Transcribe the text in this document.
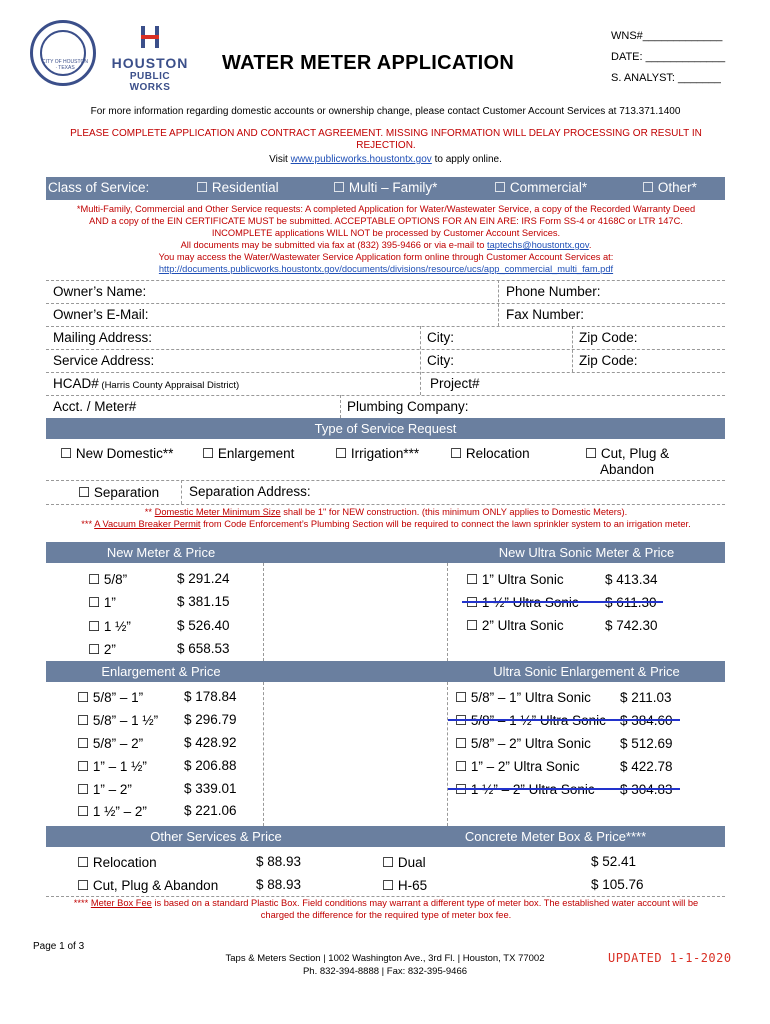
CITY OF HOUSTON · TEXAS	HOUSTON
PUBLIC WORKS
WATER METER APPLICATION
WNS#_____________
DATE: _____________
S. ANALYST: _______
For more information regarding domestic accounts or ownership change, please contact Customer Account Services at 713.371.1400
PLEASE COMPLETE APPLICATION AND CONTRACT AGREEMENT. MISSING INFORMATION WILL DELAY PROCESSING OR RESULT IN REJECTION.
Visit www.publicworks.houstontx.gov to apply online.
Class of Service:	☐ Residential	☐ Multi – Family*	☐ Commercial*	☐ Other*
*Multi-Family, Commercial and Other Service requests: A completed Application for Water/Wastewater Service, a copy of the Recorded Warranty Deed AND a copy of the EIN CERTIFICATE MUST be submitted. ACCEPTABLE OPTIONS FOR AN EIN ARE: IRS Form SS-4 or 4168C or LTR 147C. INCOMPLETE applications WILL NOT be processed by Customer Account Services.
All documents may be submitted via fax at (832) 395-9466 or via e-mail to taptechs@houstontx.gov.
You may access the Water/Wastewater Service Application form online through Customer Account Services at:
http://documents.publicworks.houstontx.gov/documents/divisions/resource/ucs/app_commercial_multi_fam.pdf
Owner’s Name:	Phone Number:
Owner’s E-Mail:	Fax Number:
Mailing Address:	City:	Zip Code:
Service Address:	City:	Zip Code:
HCAD# (Harris County Appraisal District)	Project#
Acct. / Meter#	Plumbing Company:
Type of Service Request
☐ New Domestic** ☐ Enlargement	☐ Irrigation*** ☐ Relocation	☐ Cut, Plug &
Abandon
☐ Separation Separation Address:
** Domestic Meter Minimum Size shall be 1" for NEW construction. (this minimum ONLY applies to Domestic Meters).
*** A Vacuum Breaker Permit from Code Enforcement’s Plumbing Section will be required to connect the lawn sprinkler system to an irrigation meter.
New Meter & Price	New Ultra Sonic Meter & Price
☐ 5/8”	$ 291.24
☐ 1”	$ 381.15
☐ 1 ½”	$ 526.40
☐ 2”	$ 658.53
☐ 1” Ultra Sonic	$ 413.34
☐ 2” Ultra Sonic	$ 742.30
Enlargement & Price	Ultra Sonic Enlargement & Price
☐ 5/8” – 1”	$ 178.84
☐ 5/8” – 1 ½” $ 296.79
☐ 5/8” – 2”	$ 428.92
☐ 1” – 1 ½”	$ 206.88
☐ 1” – 2”	$ 339.01
☐ 1 ½” – 2”	$ 221.06
☐ 5/8” – 1” Ultra Sonic $ 211.03
☐ 5/8” – 2” Ultra Sonic $ 512.69
☐ 1” – 2” Ultra Sonic	$ 422.78
Other Services & Price	Concrete Meter Box & Price****
☐ Relocation	$ 88.93
☐ Cut, Plug & Abandon	$ 88.93
☐ Dual	$ 52.41
☐ H-65	$ 105.76
**** Meter Box Fee is based on a standard Plastic Box. Field conditions may warrant a different type of meter box. The established water account will be charged the difference for the required type of meter box fee.
Page 1 of 3
Taps & Meters Section | 1002 Washington Ave., 3rd Fl. | Houston, TX 77002
Ph. 832-394-8888 | Fax: 832-395-9466
UPDATED 1-1-2020
